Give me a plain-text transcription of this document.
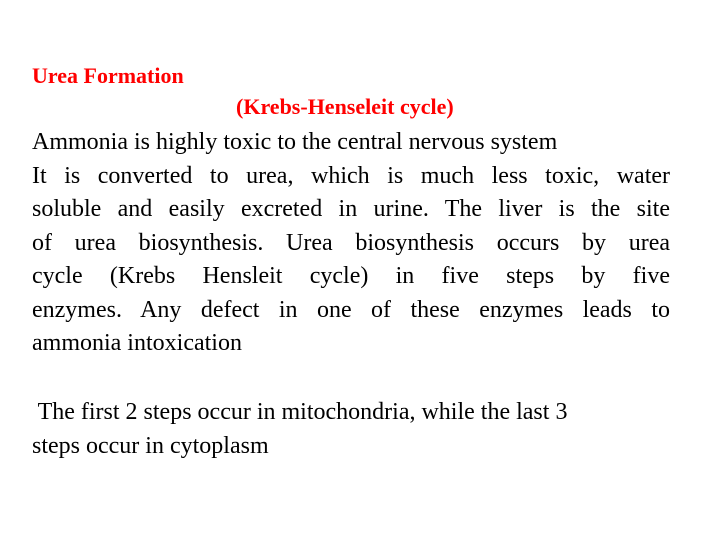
Urea Formation
(Krebs-Henseleit cycle)
Ammonia is highly toxic to the central nervous system
It is converted to urea, which is much less toxic, water
soluble and easily excreted in urine. The liver is the site
of urea biosynthesis. Urea biosynthesis occurs by urea
cycle (Krebs Hensleit cycle) in five steps by five
enzymes. Any defect in one of these enzymes leads to
ammonia intoxication
The first 2 steps occur in mitochondria, while the last 3
steps occur in cytoplasm
